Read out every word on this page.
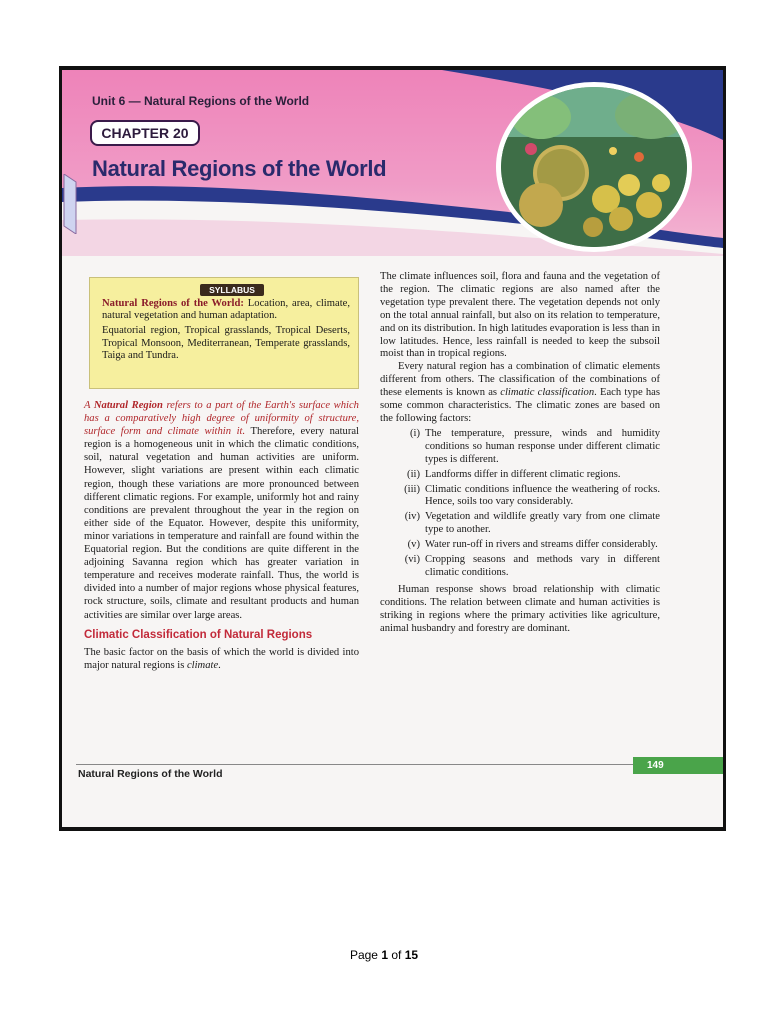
Unit 6 — Natural Regions of the World
CHAPTER 20
Natural Regions of the World
SYLLABUS

Natural Regions of the World: Location, area, climate, natural vegetation and human adaptation.

Equatorial region, Tropical grasslands, Tropical Deserts, Tropical Monsoon, Mediterranean, Temperate grasslands, Taiga and Tundra.

A Natural Region refers to a part of the Earth's surface which has a comparatively high degree of uniformity of structure, surface form and climate within it. Therefore, every natural region is a homogeneous unit in which the climatic conditions, soil, natural vegetation and human activities are uniform. However, slight variations are present within each climatic region, though these variations are more pronounced between different climatic regions. For example, uniformly hot and rainy conditions are prevalent throughout the year in the region on either side of the Equator. However, despite this uniformity, minor variations in temperature and rainfall are found within the Equatorial region. But the conditions are quite different in the adjoining Savanna region which has greater variation in temperature and receives moderate rainfall. Thus, the world is divided into a number of major regions whose physical features, rock structure, soils, climate and resultant products and human activities are similar over large areas.

Climatic Classification of Natural Regions

The basic factor on the basis of which the world is divided into major natural regions is climate.

The climate influences soil, flora and fauna and the vegetation of the region. The climatic regions are also named after the vegetation type prevalent there. The vegetation depends not only on the total annual rainfall, but also on its relation to temperature, and on its distribution. In high latitudes evaporation is less than in low latitudes. Hence, less rainfall is needed to keep the subsoil moist than in tropical regions.

Every natural region has a combination of climatic elements different from others. The classification of the combinations of these elements is known as climatic classification. Each type has some common characteristics. The climatic zones are based on the following factors:

(i) The temperature, pressure, winds and humidity conditions so human response under different climatic types is different.
(ii) Landforms differ in different climatic regions.
(iii) Climatic conditions influence the weathering of rocks. Hence, soils too vary considerably.
(iv) Vegetation and wildlife greatly vary from one climate type to another.
(v) Water run-off in rivers and streams differ considerably.
(vi) Cropping seasons and methods vary in different climatic conditions.

Human response shows broad relationship with climatic conditions. The relation between climate and human activities is striking in regions where the primary activities like agriculture, animal husbandry and forestry are dominant.

Natural Regions of the World
149
Page 1 of 15
